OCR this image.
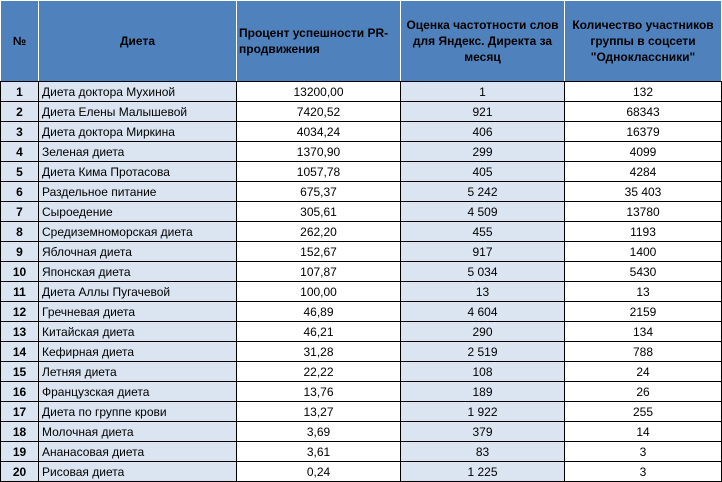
№	Диета	Процент успешности PR-продвижения	Оценка частотности слов для Яндекс. Директа за месяц	Количество участников группы в соцсети "Одноклассники"
1	Диета доктора Мухиной	13200,00	1	132
2	Диета Елены Малышевой	7420,52	921	68343
3	Диета доктора Миркина	4034,24	406	16379
4	Зеленая диета	1370,90	299	4099
5	Диета Кима Протасова	1057,78	405	4284
6	Раздельное питание	675,37	5 242	35 403
7	Сыроедение	305,61	4 509	13780
8	Средиземноморская диета	262,20	455	1193
9	Яблочная диета	152,67	917	1400
10	Японская диета	107,87	5 034	5430
11	Диета Аллы Пугачевой	100,00	13	13
12	Гречневая диета	46,89	4 604	2159
13	Китайская диета	46,21	290	134
14	Кефирная диета	31,28	2 519	788
15	Летняя диета	22,22	108	24
16	Французская диета	13,76	189	26
17	Диета по группе крови	13,27	1 922	255
18	Молочная диета	3,69	379	14
19	Ананасовая диета	3,61	83	3
20	Рисовая диета	0,24	1 225	3
